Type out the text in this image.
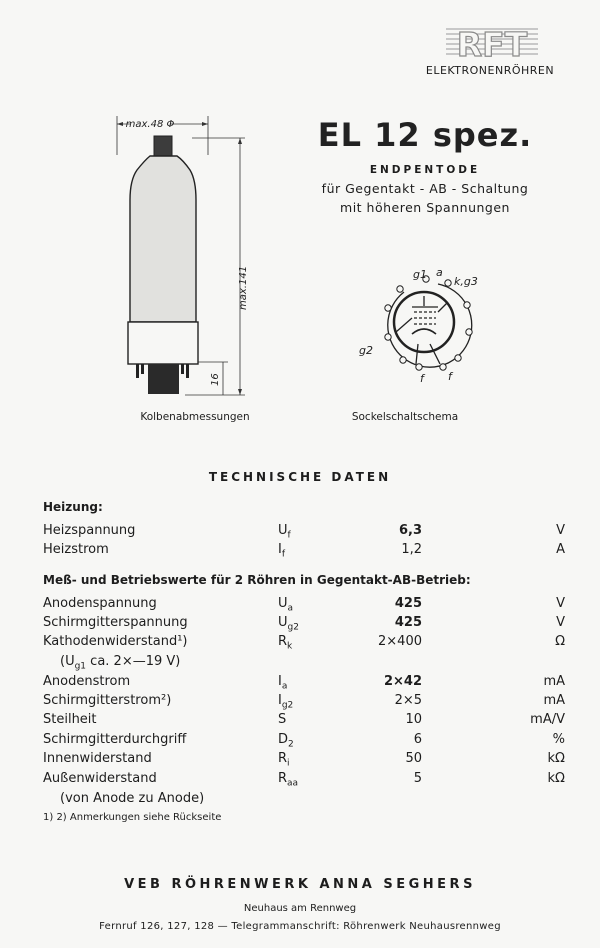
RFT
ELEKTRONENRÖHREN
EL 12 spez.
ENDPENTODE
für Gegentakt - AB - Schaltung
mit höheren Spannungen
max.48 Φ
max.141
16
g1 a
k,g3
g2
f f
Kolbenabmessungen	Sockelschaltschema
TECHNISCHE DATEN
Heizung:
Heizspannung	$U_f$	6,3	V
Heizstrom	$I_f$	1,2	A
Meß- und Betriebswerte für 2 Röhren in Gegentakt-AB-Betrieb:
Anodenspannung	$U_a$	425	V
Schirmgitterspannung	$U_{g2}$	425	V
Kathodenwiderstand¹)	$R_k$	2×400	Ω
($U_{g1}$ ca. 2×—19 V)
Anodenstrom	$I_a$	2×42	mA
Schirmgitterstrom²)	$I_{g2}$	2×5	mA
Steilheit	S	10	mA/V
Schirmgitterdurchgriff	$D_2$	6	%
Innenwiderstand	$R_i$	50	kΩ
Außenwiderstand	$R_{aa}$	5	kΩ
(von Anode zu Anode)
1) 2) Anmerkungen siehe Rückseite
VEB RÖHRENWERK ANNA SEGHERS
Neuhaus am Rennweg
Fernruf 126, 127, 128 — Telegrammanschrift: Röhrenwerk Neuhausrennweg
